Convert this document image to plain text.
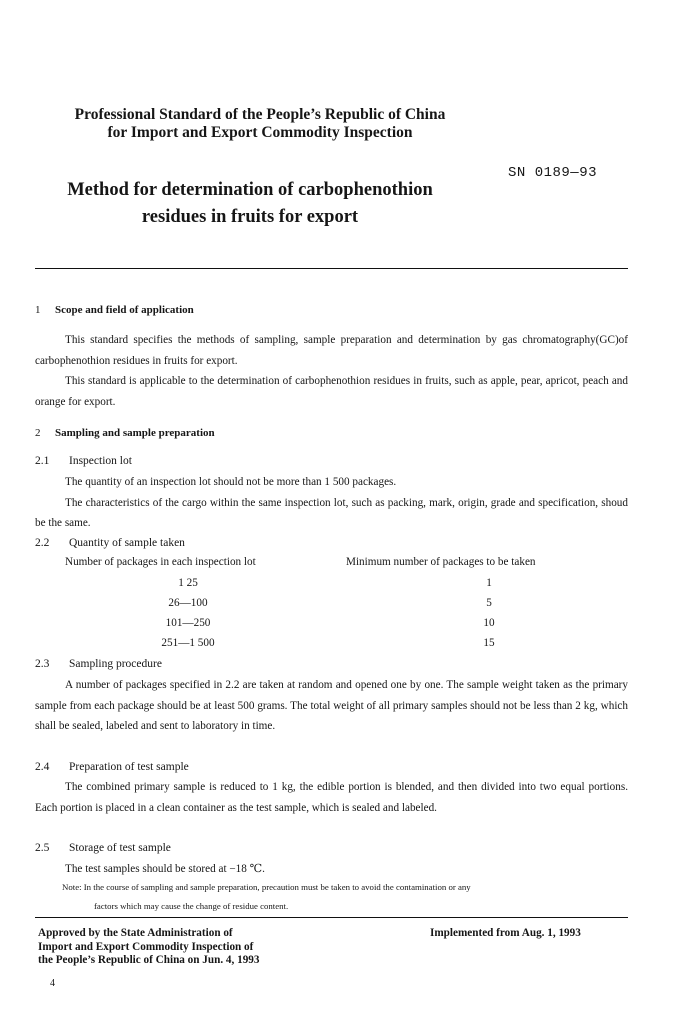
Professional Standard of the People’s Republic of China
for Import and Export Commodity Inspection
SN 0189—93
Method for determination of carbophenothion
residues in fruits for export
1 Scope and field of application

This standard specifies the methods of sampling, sample preparation and determination by gas chromatography(GC)of carbophenothion residues in fruits for export.

This standard is applicable to the determination of carbophenothion residues in fruits, such as apple, pear, apricot, peach and orange for export.

2 Sampling and sample preparation
2.1 Inspection lot

The quantity of an inspection lot should not be more than 1 500 packages.

The characteristics of the cargo within the same inspection lot, such as packing, mark, origin, grade and specification, shoud be the same.

2.2 Quantity of sample taken
Number of packages in each inspection lot	Minimum number of packages to be taken
1 25	1
26—100	5
101—250	10
251—1 500	15
2.3 Sampling procedure

A number of packages specified in 2.2 are taken at random and opened one by one. The sample weight taken as the primary sample from each package should be at least 500 grams. The total weight of all primary samples should not be less than 2 kg, which shall be sealed, labeled and sent to laboratory in time.

2.4 Preparation of test sample

The combined primary sample is reduced to 1 kg, the edible portion is blended, and then divided into two equal portions. Each portion is placed in a clean container as the test sample, which is sealed and labeled.

2.5 Storage of test sample

The test samples should be stored at −18 ℃.

Note: In the course of sampling and sample preparation, precaution must be taken to avoid the contamination or any
factors which may cause the change of residue content.
Approved by the State Administration of
Import and Export Commodity Inspection of
the People’s Republic of China on Jun. 4, 1993
Implemented from Aug. 1, 1993
4
